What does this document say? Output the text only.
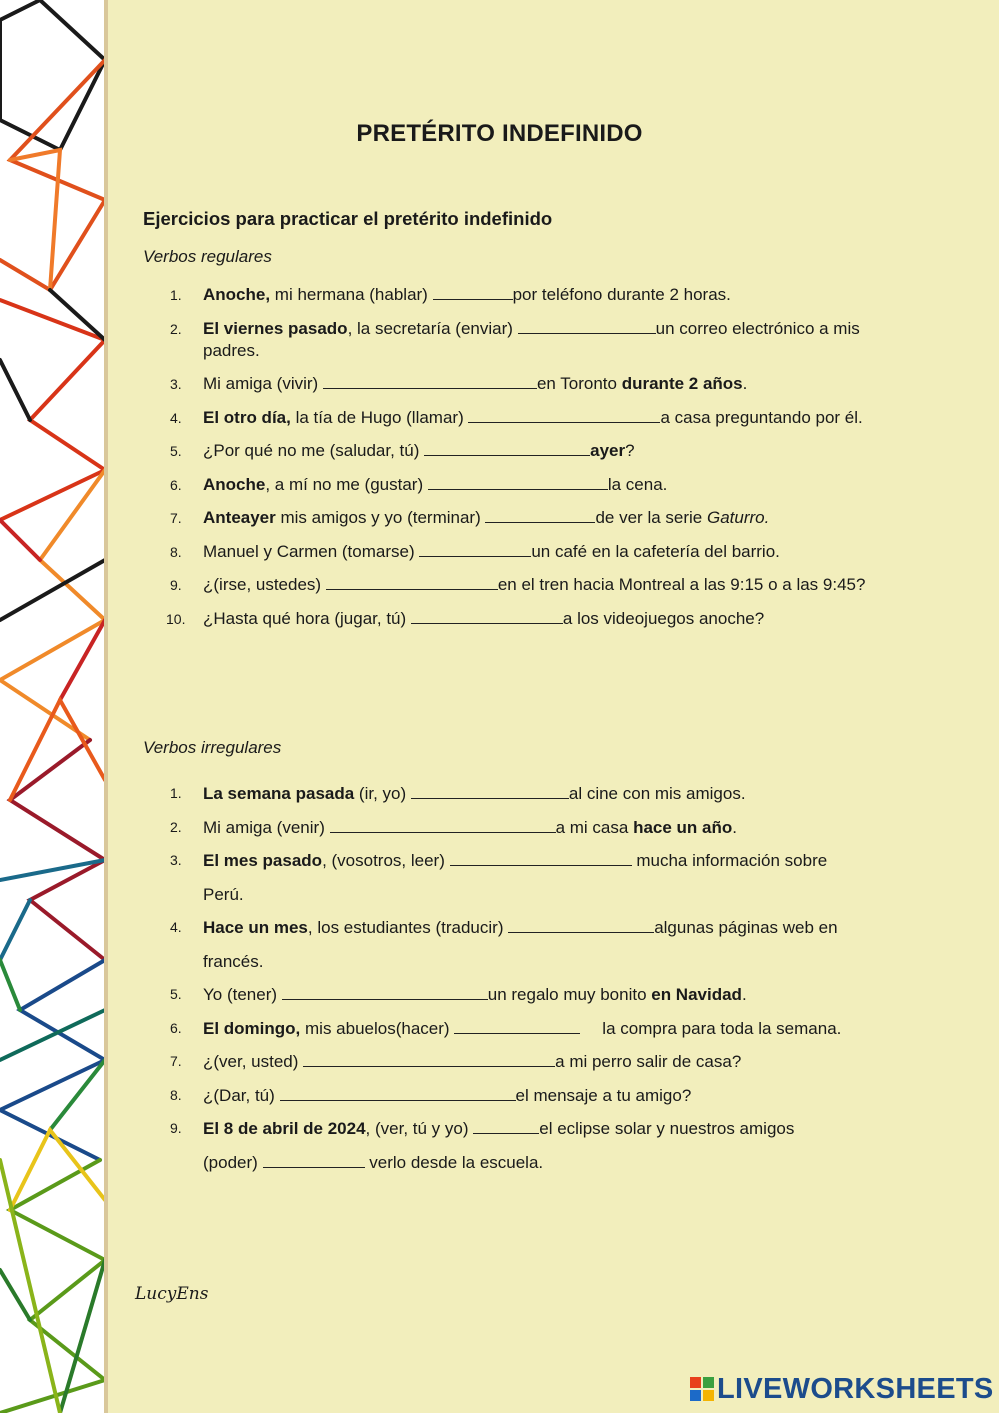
PRETÉRITO INDEFINIDO
Ejercicios para practicar el pretérito indefinido
Verbos regulares
1. Anoche, mi hermana (hablar)	por teléfono durante 2 horas.
2. El viernes pasado, la secretaría (enviar)	un correo electrónico a mis padres.
3. Mi amiga (vivir)	en Toronto durante 2 años.
4. El otro día, la tía de Hugo (llamar)	a casa preguntando por él.
5. ¿Por qué no me (saludar, tú)	ayer?
6. Anoche, a mí no me (gustar)	la cena.
7. Anteayer mis amigos y yo (terminar)	de ver la serie Gaturro.
8. Manuel y Carmen (tomarse)	un café en la cafetería del barrio.
9. ¿(irse, ustedes)	en el tren hacia Montreal a las 9:15 o a las 9:45?
10. ¿Hasta qué hora (jugar, tú)	a los videojuegos anoche?
Verbos irregulares
1. La semana pasada (ir, yo)	al cine con mis amigos.
2. Mi amiga (venir)	a mi casa hace un año.
3. El mes pasado, (vosotros, leer)	mucha información sobre Perú.
4. Hace un mes, los estudiantes (traducir)	algunas páginas web en francés.
5. Yo (tener)	un regalo muy bonito en Navidad.
6. El domingo, mis abuelos(hacer)	la compra para toda la semana.
7. ¿(ver, usted)	a mi perro salir de casa?
8. ¿(Dar, tú)	el mensaje a tu amigo?
9. El 8 de abril de 2024, (ver, tú y yo)	el eclipse solar y nuestros amigos
(poder)	verlo desde la escuela.
LucyEns
LIVEWORKSHEETS
